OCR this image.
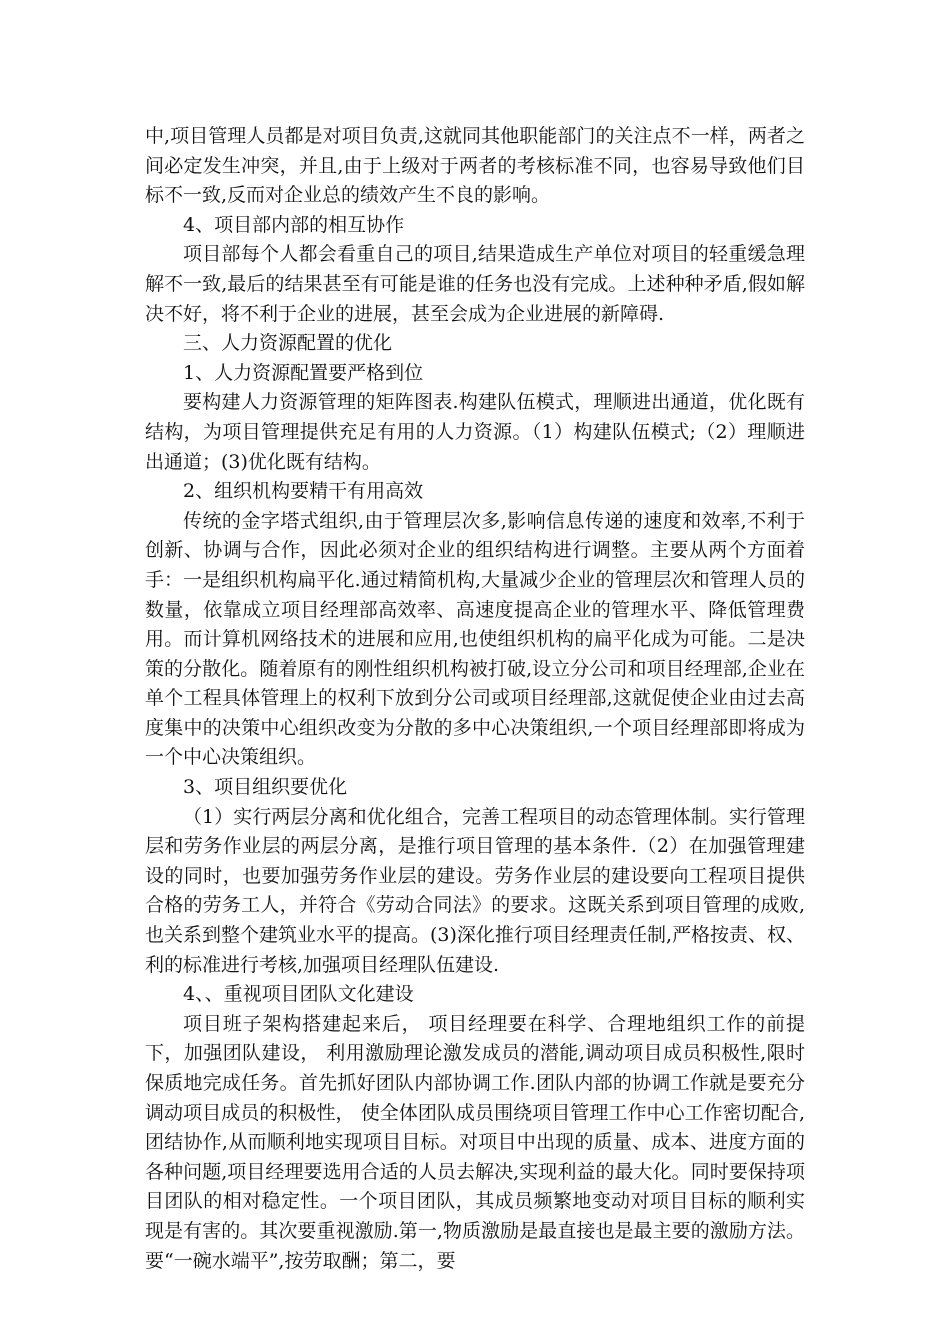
中,项目管理人员都是对项目负责,这就同其他职能部门的关注点不一样，两者之间必定发生冲突，并且,由于上级对于两者的考核标准不同，也容易导致他们目标不一致,反而对企业总的绩效产生不良的影响。

4、项目部内部的相互协作

项目部每个人都会看重自己的项目,结果造成生产单位对项目的轻重缓急理解不一致,最后的结果甚至有可能是谁的任务也没有完成。上述种种矛盾,假如解决不好，将不利于企业的进展，甚至会成为企业进展的新障碍.

三、人力资源配置的优化

1、人力资源配置要严格到位

要构建人力资源管理的矩阵图表.构建队伍模式，理顺进出通道，优化既有结构，为项目管理提供充足有用的人力资源。（1）构建队伍模式;（2）理顺进出通道；(3)优化既有结构。

2、组织机构要精干有用高效

传统的金字塔式组织,由于管理层次多,影响信息传递的速度和效率,不利于创新、协调与合作，因此必须对企业的组织结构进行调整。主要从两个方面着手：一是组织机构扁平化.通过精简机构,大量减少企业的管理层次和管理人员的数量，依靠成立项目经理部高效率、高速度提高企业的管理水平、降低管理费用。而计算机网络技术的进展和应用,也使组织机构的扁平化成为可能。二是决策的分散化。随着原有的刚性组织机构被打破,设立分公司和项目经理部,企业在单个工程具体管理上的权利下放到分公司或项目经理部,这就促使企业由过去高度集中的决策中心组织改变为分散的多中心决策组织,一个项目经理部即将成为一个中心决策组织。

3、项目组织要优化

（1）实行两层分离和优化组合，完善工程项目的动态管理体制。实行管理层和劳务作业层的两层分离，是推行项目管理的基本条件.（2）在加强管理建设的同时，也要加强劳务作业层的建设。劳务作业层的建设要向工程项目提供合格的劳务工人，并符合《劳动合同法》的要求。这既关系到项目管理的成败,也关系到整个建筑业水平的提高。(3)深化推行项目经理责任制,严格按责、权、利的标准进行考核,加强项目经理队伍建设.

4、、重视项目团队文化建设

项目班子架构搭建起来后， 项目经理要在科学、合理地组织工作的前提下，加强团队建设， 利用激励理论激发成员的潜能,调动项目成员积极性,限时保质地完成任务。首先抓好团队内部协调工作.团队内部的协调工作就是要充分调动项目成员的积极性， 使全体团队成员围绕项目管理工作中心工作密切配合,团结协作,从而顺利地实现项目目标。对项目中出现的质量、成本、进度方面的各种问题,项目经理要选用合适的人员去解决,实现利益的最大化。同时要保持项目团队的相对稳定性。一个项目团队，其成员频繁地变动对项目目标的顺利实现是有害的。其次要重视激励.第一,物质激励是最直接也是最主要的激励方法。要“一碗水端平”,按劳取酬；第二，要
